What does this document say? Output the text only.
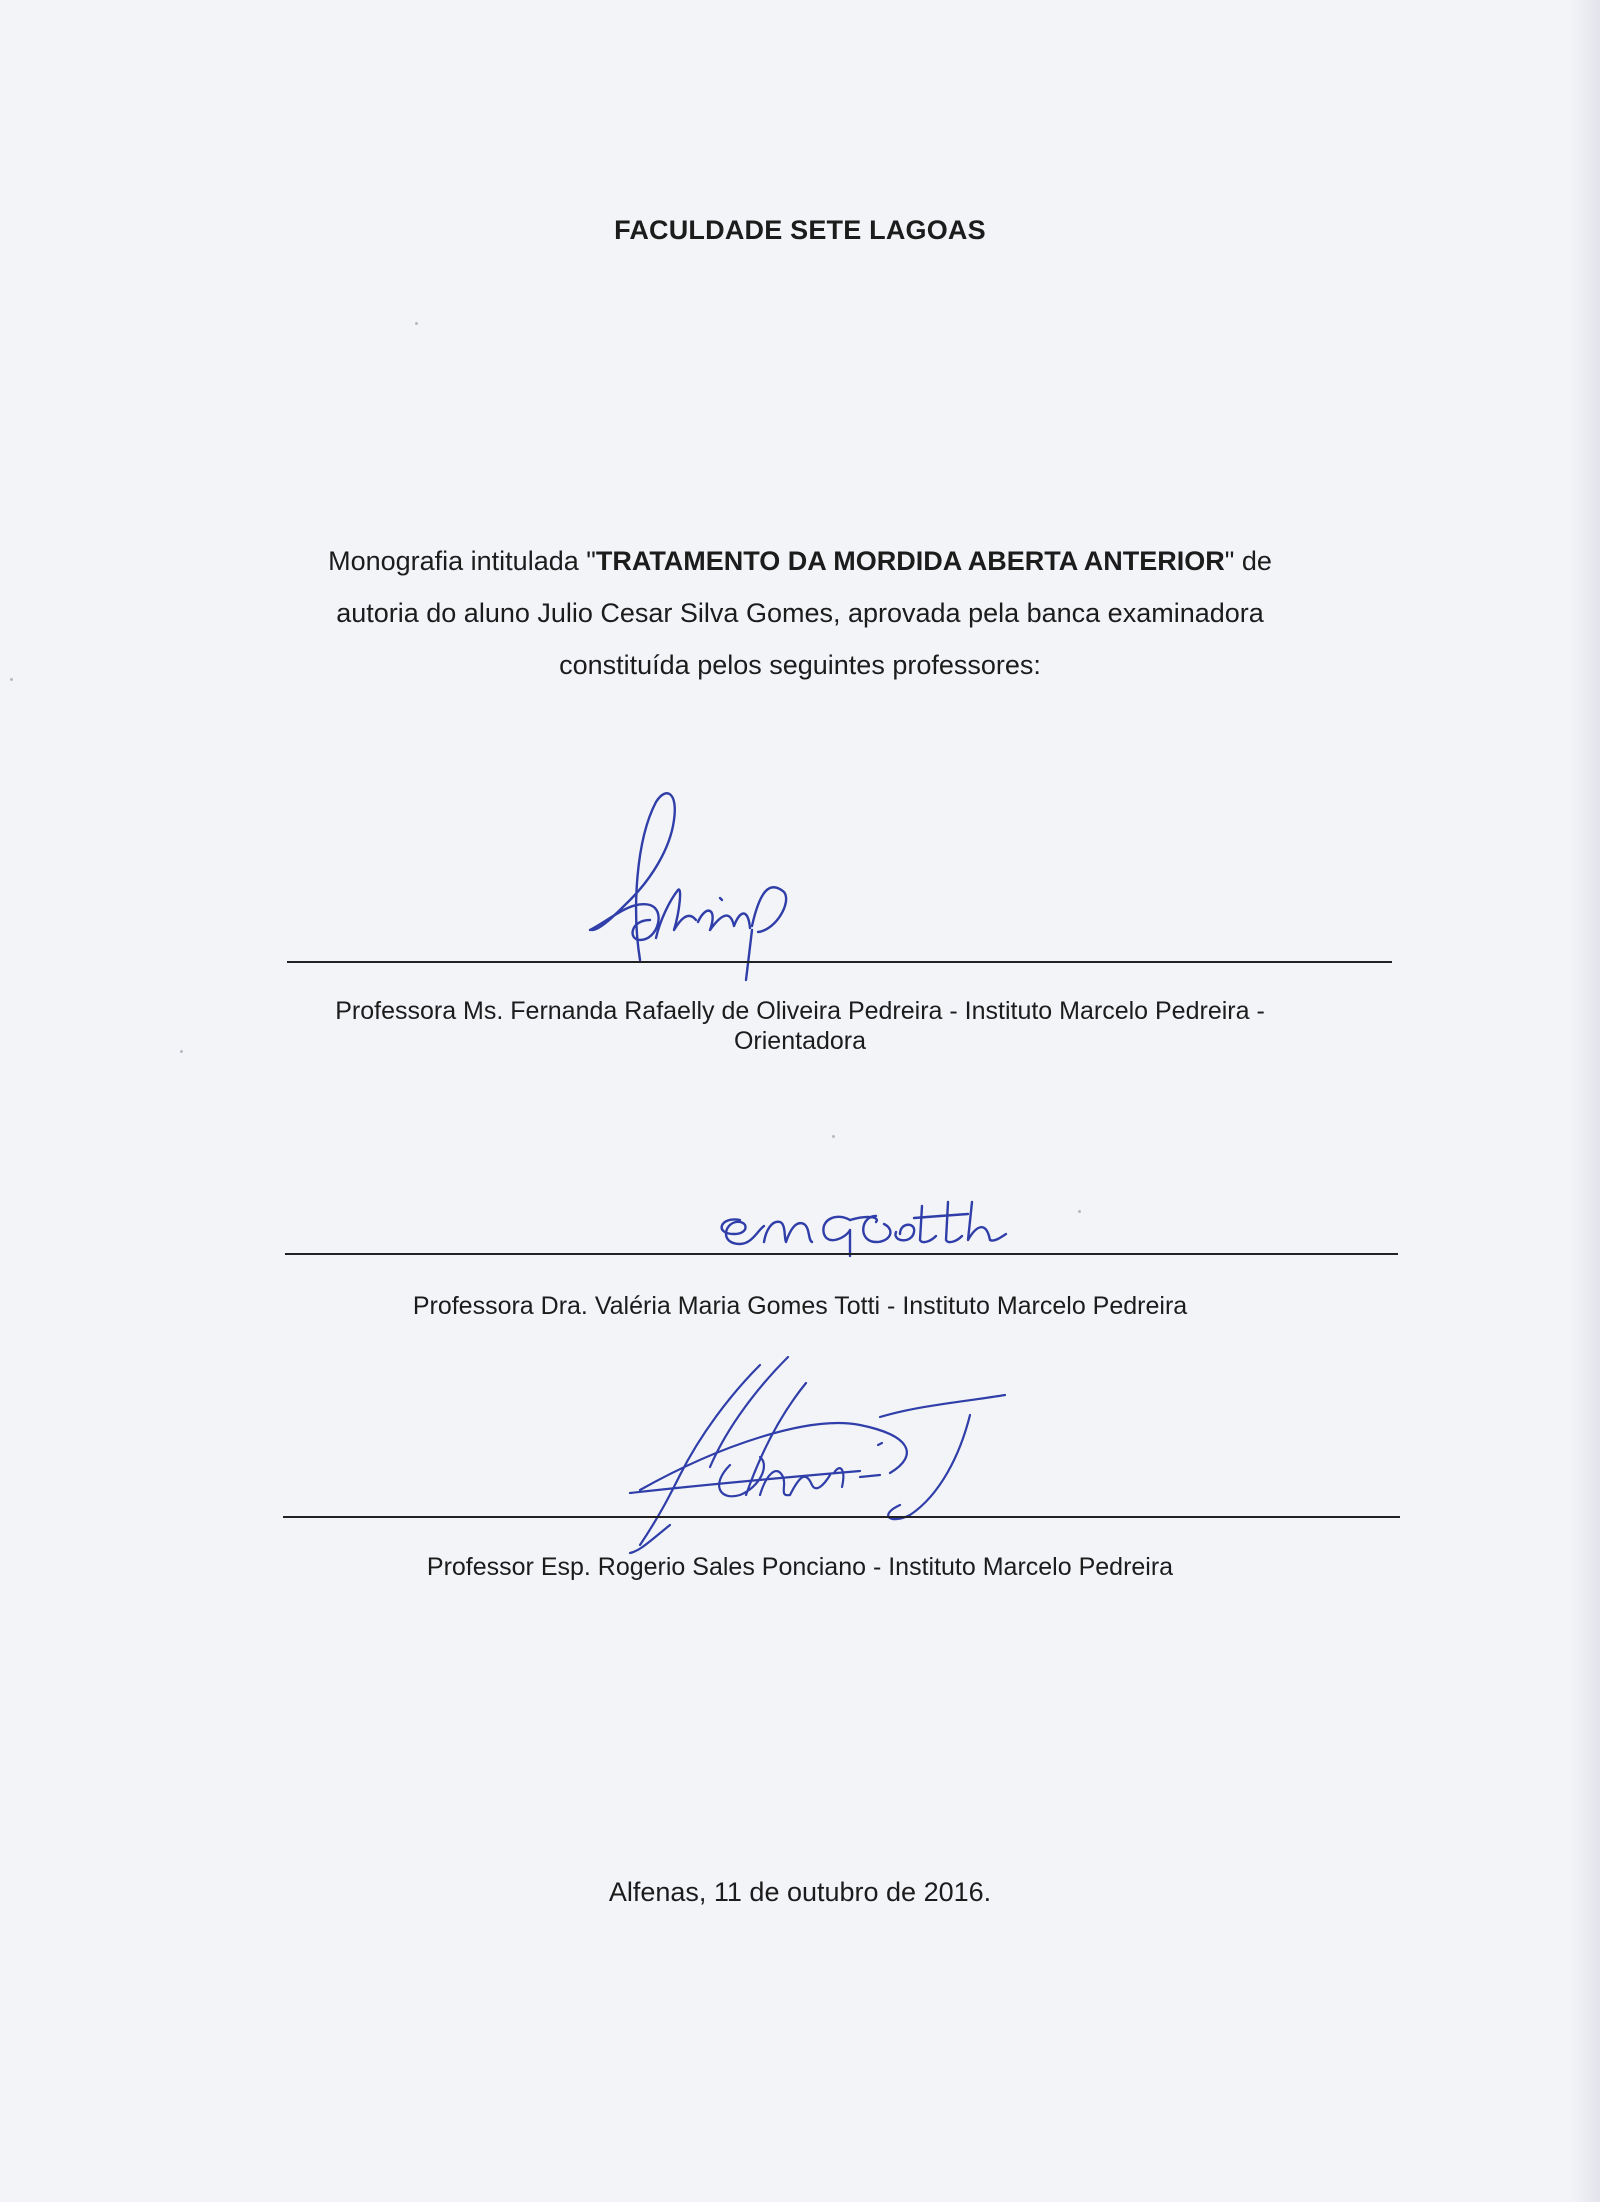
FACULDADE SETE LAGOAS
Monografia intitulada "TRATAMENTO DA MORDIDA ABERTA ANTERIOR" de
autoria do aluno Julio Cesar Silva Gomes, aprovada pela banca examinadora
constituída pelos seguintes professores:
Professora Ms. Fernanda Rafaelly de Oliveira Pedreira - Instituto Marcelo Pedreira -
Orientadora
Professora Dra. Valéria Maria Gomes Totti - Instituto Marcelo Pedreira
Professor Esp. Rogerio Sales Ponciano - Instituto Marcelo Pedreira
Alfenas, 11 de outubro de 2016.
